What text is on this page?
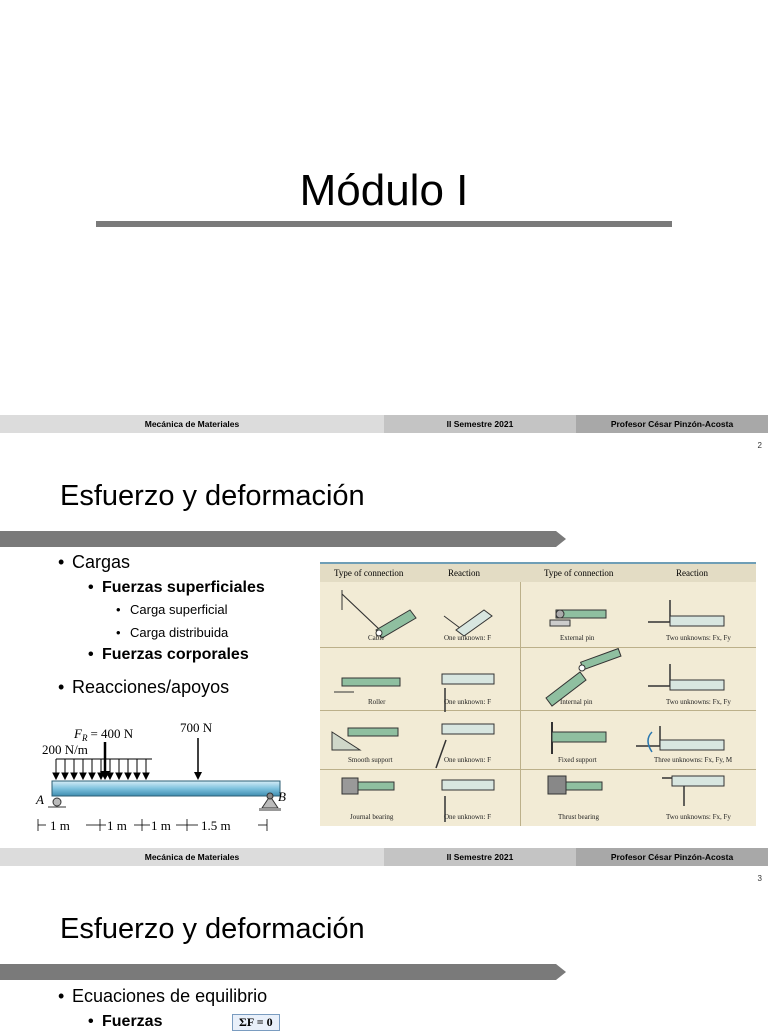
Módulo I
Mecánica de Materiales	II Semestre 2021	Profesor César Pinzón-Acosta
2
Esfuerzo y deformación
• Cargas
• Fuerzas superficiales
• Carga superficial
• Carga distribuida
• Fuerzas corporales
• Reacciones/apoyos
$F_R = 400$ N
200 N/m
700 N
A	B
1 m	1 m 1 m 1.5 m
Type of connection	Reaction	Type of connection	Reaction
Cable	One unknown: F	External pin	Two unknowns: Fx, Fy
Roller	One unknown: F	Internal pin	Two unknowns: Fx, Fy
Smooth support	One unknown: F	Fixed support	Three unknowns: Fx, Fy, M
Journal bearing	One unknown: F	Thrust bearing	Two unknowns: Fx, Fy
Mecánica de Materiales	II Semestre 2021	Profesor César Pinzón-Acosta
3
Esfuerzo y deformación
• Ecuaciones de equilibrio
• Fuerzas	ΣF = 0
